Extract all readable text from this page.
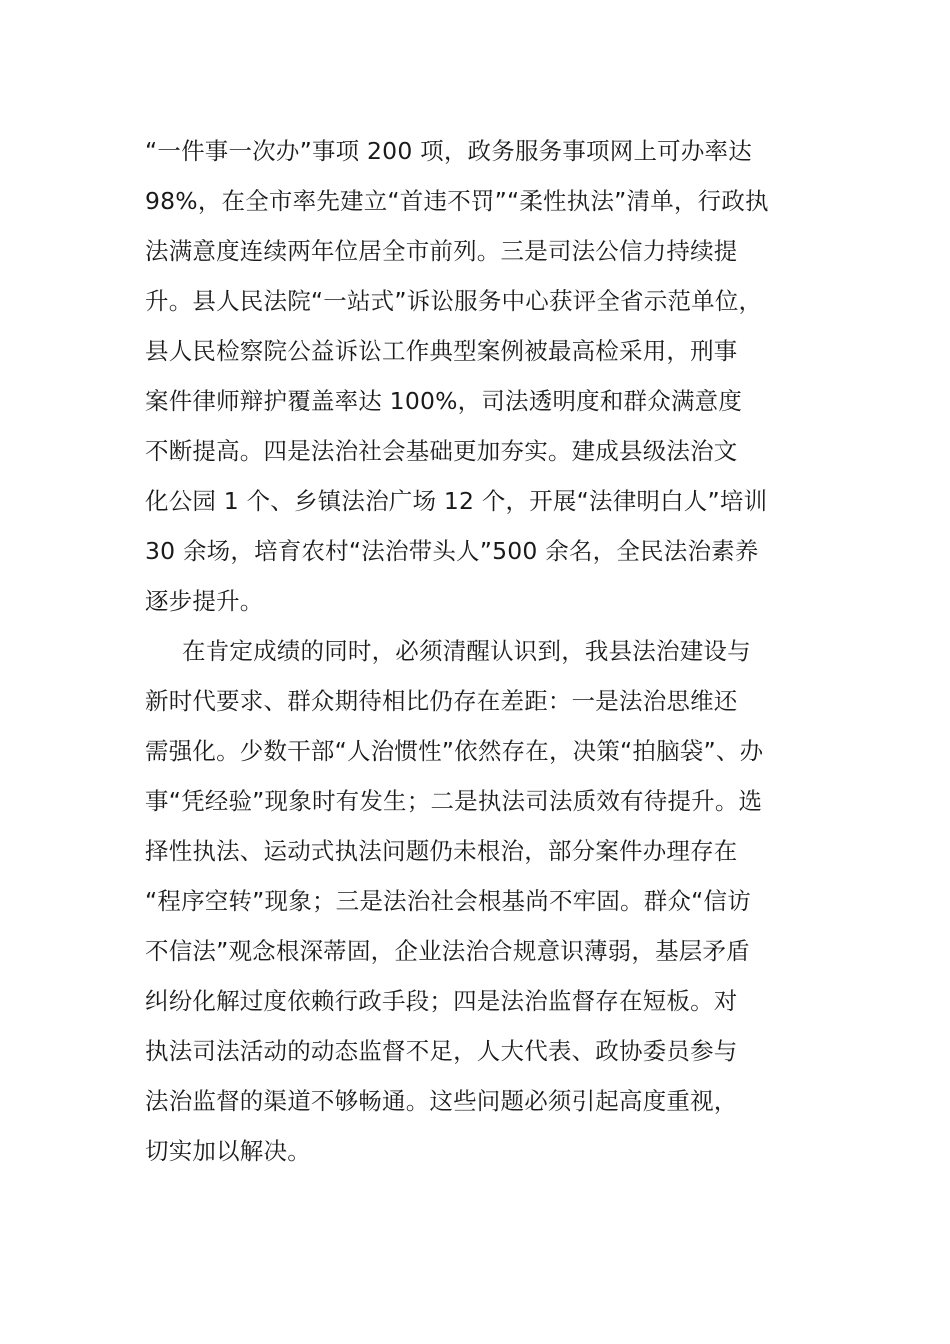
“一件事一次办”事项 200 项，政务服务事项网上可办率达
98%，在全市率先建立“首违不罚”“柔性执法”清单，行政执
法满意度连续两年位居全市前列。三是司法公信力持续提
升。县人民法院“一站式”诉讼服务中心获评全省示范单位，
县人民检察院公益诉讼工作典型案例被最高检采用，刑事
案件律师辩护覆盖率达 100%，司法透明度和群众满意度
不断提高。四是法治社会基础更加夯实。建成县级法治文
化公园 1 个、乡镇法治广场 12 个，开展“法律明白人”培训
30 余场，培育农村“法治带头人”500 余名，全民法治素养
逐步提升。

在肯定成绩的同时，必须清醒认识到，我县法治建设与
新时代要求、群众期待相比仍存在差距：一是法治思维还
需强化。少数干部“人治惯性”依然存在，决策“拍脑袋”、办
事“凭经验”现象时有发生；二是执法司法质效有待提升。选
择性执法、运动式执法问题仍未根治，部分案件办理存在
“程序空转”现象；三是法治社会根基尚不牢固。群众“信访
不信法”观念根深蒂固，企业法治合规意识薄弱，基层矛盾
纠纷化解过度依赖行政手段；四是法治监督存在短板。对
执法司法活动的动态监督不足，人大代表、政协委员参与
法治监督的渠道不够畅通。这些问题必须引起高度重视，
切实加以解决。
